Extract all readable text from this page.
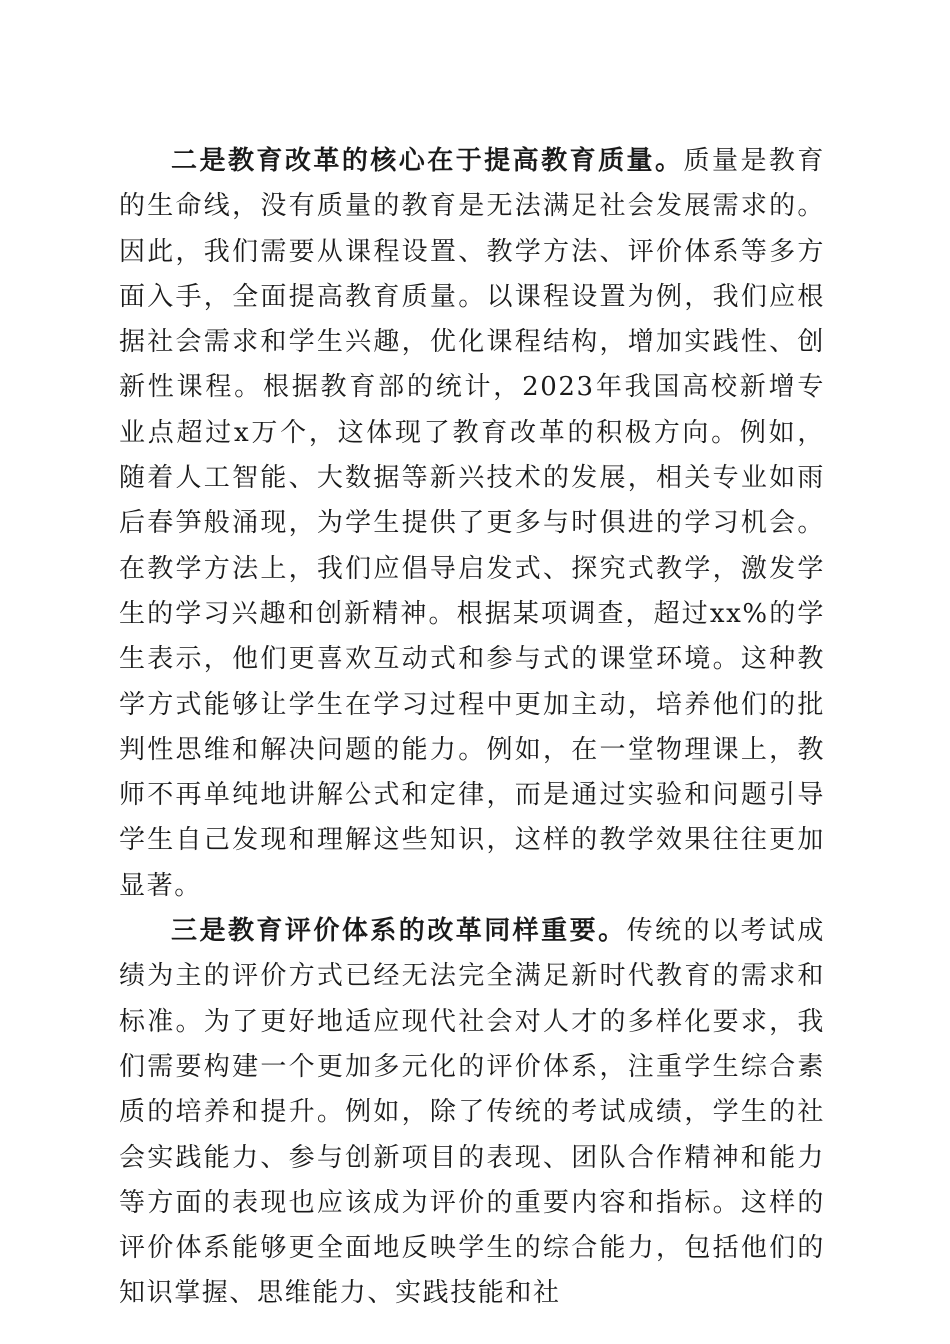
二是教育改革的核心在于提高教育质量。质量是教育的生命线，没有质量的教育是无法满足社会发展需求的。因此，我们需要从课程设置、教学方法、评价体系等多方面入手，全面提高教育质量。以课程设置为例，我们应根据社会需求和学生兴趣，优化课程结构，增加实践性、创新性课程。根据教育部的统计，2023年我国高校新增专业点超过x万个，这体现了教育改革的积极方向。例如，随着人工智能、大数据等新兴技术的发展，相关专业如雨后春笋般涌现，为学生提供了更多与时俱进的学习机会。在教学方法上，我们应倡导启发式、探究式教学，激发学生的学习兴趣和创新精神。根据某项调查，超过xx%的学生表示，他们更喜欢互动式和参与式的课堂环境。这种教学方式能够让学生在学习过程中更加主动，培养他们的批判性思维和解决问题的能力。例如，在一堂物理课上，教师不再单纯地讲解公式和定律，而是通过实验和问题引导学生自己发现和理解这些知识，这样的教学效果往往更加显著。

三是教育评价体系的改革同样重要。传统的以考试成绩为主的评价方式已经无法完全满足新时代教育的需求和标准。为了更好地适应现代社会对人才的多样化要求，我们需要构建一个更加多元化的评价体系，注重学生综合素质的培养和提升。例如，除了传统的考试成绩，学生的社会实践能力、参与创新项目的表现、团队合作精神和能力等方面的表现也应该成为评价的重要内容和指标。这样的评价体系能够更全面地反映学生的综合能力，包括他们的知识掌握、思维能力、实践技能和社
